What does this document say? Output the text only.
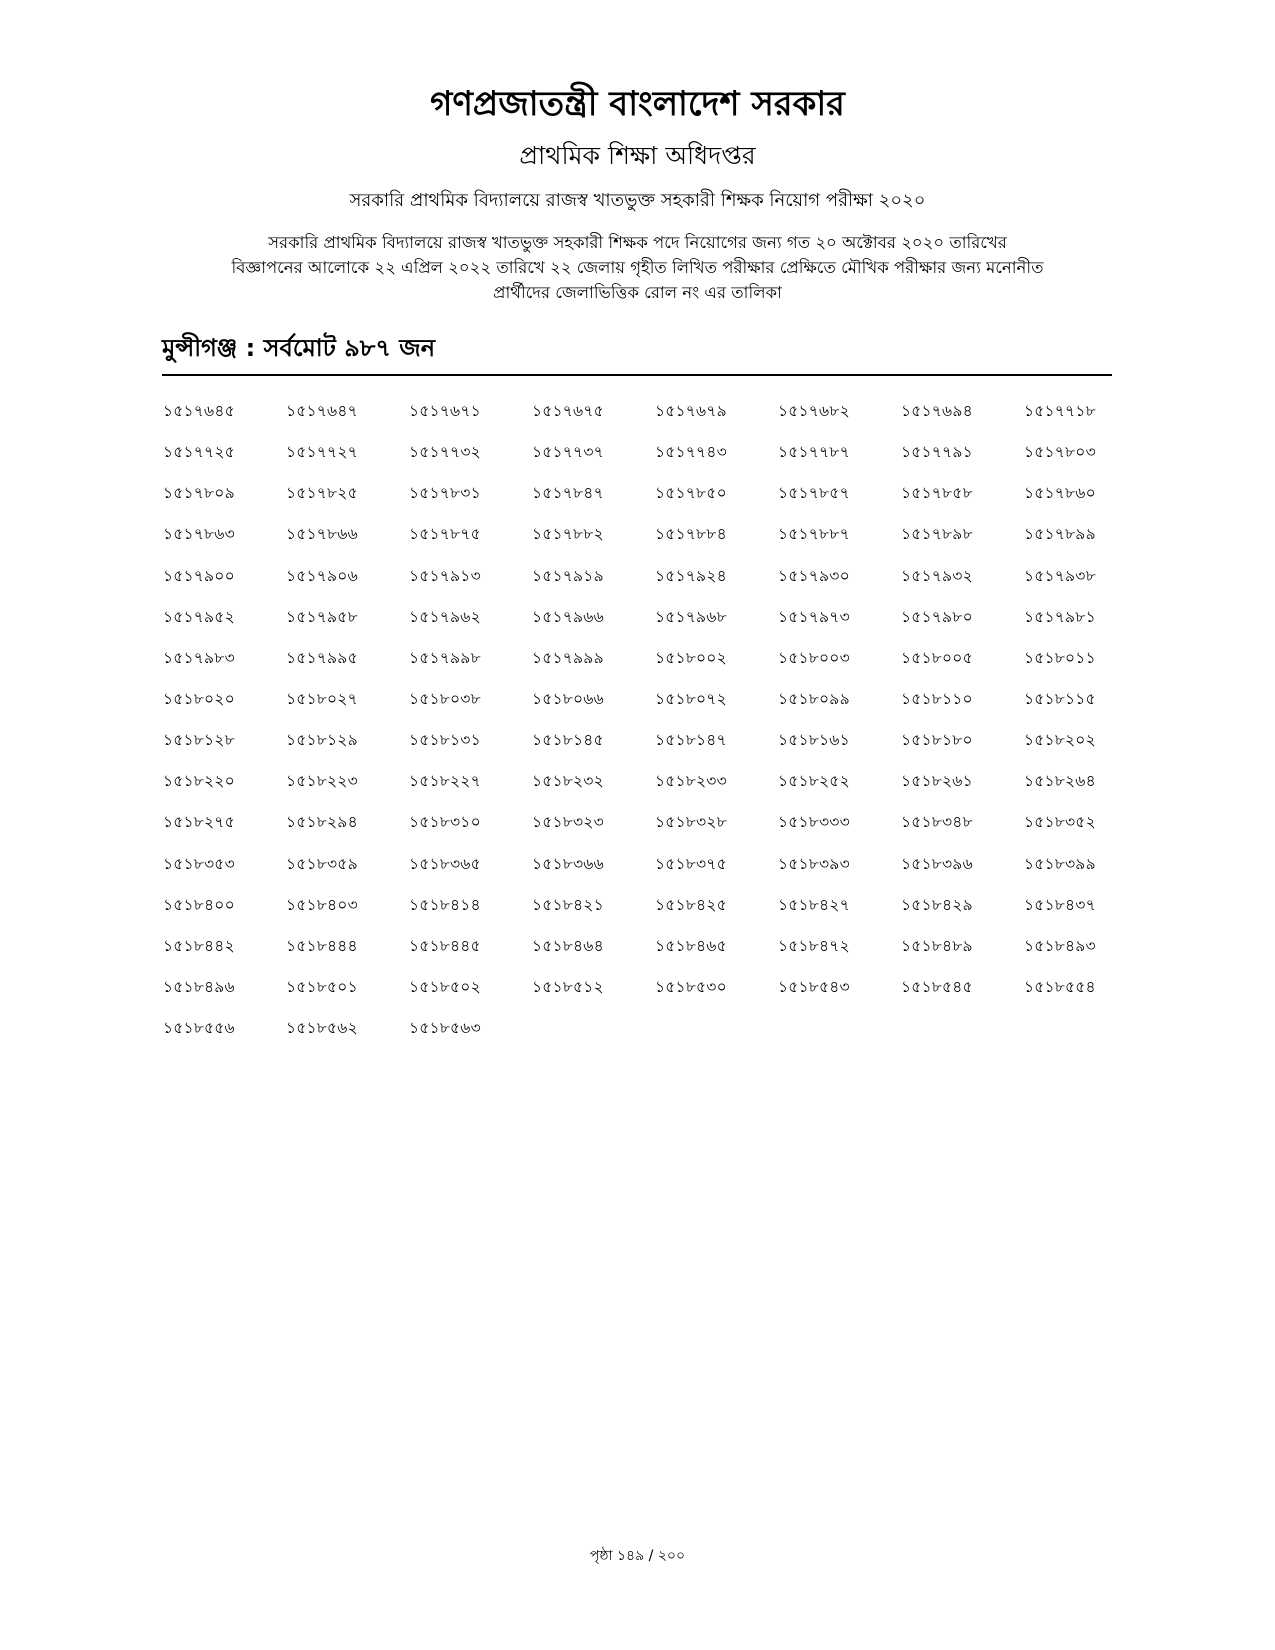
গণপ্রজাতন্ত্রী বাংলাদেশ সরকার
প্রাথমিক শিক্ষা অধিদপ্তর
সরকারি প্রাথমিক বিদ্যালয়ে রাজস্ব খাতভুক্ত সহকারী শিক্ষক নিয়োগ পরীক্ষা ২০২০
সরকারি প্রাথমিক বিদ্যালয়ে রাজস্ব খাতভুক্ত সহকারী শিক্ষক পদে নিয়োগের জন্য গত ২০ অক্টোবর ২০২০ তারিখের
বিজ্ঞাপনের আলোকে ২২ এপ্রিল ২০২২ তারিখে ২২ জেলায় গৃহীত লিখিত পরীক্ষার প্রেক্ষিতে মৌখিক পরীক্ষার জন্য মনোনীত
প্রার্থীদের জেলাভিত্তিক রোল নং এর তালিকা
মুন্সীগঞ্জ : সর্বমোট ৯৮৭ জন
১৫১৭৬৪৫	১৫১৭৬৪৭	১৫১৭৬৭১	১৫১৭৬৭৫	১৫১৭৬৭৯	১৫১৭৬৮২	১৫১৭৬৯৪	১৫১৭৭১৮
১৫১৭৭২৫	১৫১৭৭২৭	১৫১৭৭৩২	১৫১৭৭৩৭	১৫১৭৭৪৩	১৫১৭৭৮৭	১৫১৭৭৯১	১৫১৭৮০৩
১৫১৭৮০৯	১৫১৭৮২৫	১৫১৭৮৩১	১৫১৭৮৪৭	১৫১৭৮৫০	১৫১৭৮৫৭	১৫১৭৮৫৮	১৫১৭৮৬০
১৫১৭৮৬৩	১৫১৭৮৬৬	১৫১৭৮৭৫	১৫১৭৮৮২	১৫১৭৮৮৪	১৫১৭৮৮৭	১৫১৭৮৯৮	১৫১৭৮৯৯
১৫১৭৯০০	১৫১৭৯০৬	১৫১৭৯১৩	১৫১৭৯১৯	১৫১৭৯২৪	১৫১৭৯৩০	১৫১৭৯৩২	১৫১৭৯৩৮
১৫১৭৯৫২	১৫১৭৯৫৮	১৫১৭৯৬২	১৫১৭৯৬৬	১৫১৭৯৬৮	১৫১৭৯৭৩	১৫১৭৯৮০	১৫১৭৯৮১
১৫১৭৯৮৩	১৫১৭৯৯৫	১৫১৭৯৯৮	১৫১৭৯৯৯	১৫১৮০০২	১৫১৮০০৩	১৫১৮০০৫	১৫১৮০১১
১৫১৮০২০	১৫১৮০২৭	১৫১৮০৩৮	১৫১৮০৬৬	১৫১৮০৭২	১৫১৮০৯৯	১৫১৮১১০	১৫১৮১১৫
১৫১৮১২৮	১৫১৮১২৯	১৫১৮১৩১	১৫১৮১৪৫	১৫১৮১৪৭	১৫১৮১৬১	১৫১৮১৮০	১৫১৮২০২
১৫১৮২২০	১৫১৮২২৩	১৫১৮২২৭	১৫১৮২৩২	১৫১৮২৩৩	১৫১৮২৫২	১৫১৮২৬১	১৫১৮২৬৪
১৫১৮২৭৫	১৫১৮২৯৪	১৫১৮৩১০	১৫১৮৩২৩	১৫১৮৩২৮	১৫১৮৩৩৩	১৫১৮৩৪৮	১৫১৮৩৫২
১৫১৮৩৫৩	১৫১৮৩৫৯	১৫১৮৩৬৫	১৫১৮৩৬৬	১৫১৮৩৭৫	১৫১৮৩৯৩	১৫১৮৩৯৬	১৫১৮৩৯৯
১৫১৮৪০০	১৫১৮৪০৩	১৫১৮৪১৪	১৫১৮৪২১	১৫১৮৪২৫	১৫১৮৪২৭	১৫১৮৪২৯	১৫১৮৪৩৭
১৫১৮৪৪২	১৫১৮৪৪৪	১৫১৮৪৪৫	১৫১৮৪৬৪	১৫১৮৪৬৫	১৫১৮৪৭২	১৫১৮৪৮৯	১৫১৮৪৯৩
১৫১৮৪৯৬	১৫১৮৫০১	১৫১৮৫০২	১৫১৮৫১২	১৫১৮৫৩০	১৫১৮৫৪৩	১৫১৮৫৪৫	১৫১৮৫৫৪
১৫১৮৫৫৬	১৫১৮৫৬২	১৫১৮৫৬৩
পৃষ্ঠা ১৪৯ / ২০০
